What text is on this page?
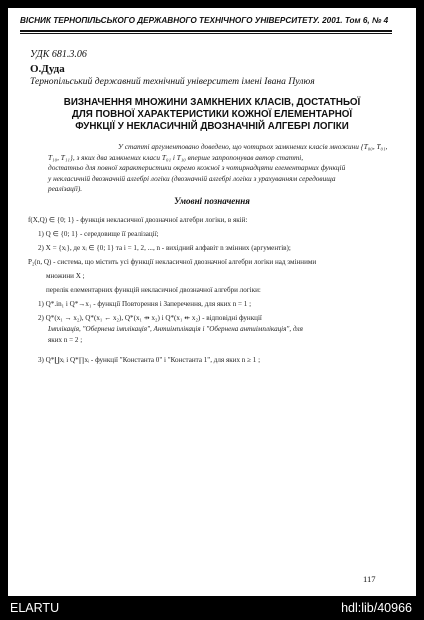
ВІСНИК ТЕРНОПІЛЬСЬКОГО ДЕРЖАВНОГО ТЕХНІЧНОГО УНІВЕРСИТЕТУ. 2001. Том 6, № 4
УДК 681.3.06
О.Дуда
Тернопільський державний технічний університет імені Івана Пулюя
ВИЗНАЧЕННЯ МНОЖИНИ ЗАМКНЕНИХ КЛАСІВ, ДОСТАТНЬОЇ
ДЛЯ ПОВНОЇ ХАРАКТЕРИСТИКИ КОЖНОЇ ЕЛЕМЕНТАРНОЇ
ФУНКЦІЇ У НЕКЛАСИЧНІЙ ДВОЗНАЧНІЙ АЛГЕБРІ ЛОГІКИ
У статті аргументовано доведено, що чотирьох замкнених класів множини {T₀₀, T₀₁,
T₁₀, T₁₁}, з яких два замкнених класи T₀₁ і T₁₀ вперше запропонував автор статті,
достатньо для повної характеристики окремо кожної з чотирнадцяти елементарних функцій
у некласичній двозначній алгебрі логіки (двозначній алгебрі логіки з урахуванням середовища
реалізації).
Умовні позначення
f(X,Q) ∈ {0; 1} - функція некласичної двозначної алгебри логіки, в якій:
1) Q ∈ {0; 1} - середовище її реалізації;
2) X = {xᵢ}, де xᵢ ∈ {0; 1} та i = 1, 2, ..., n - вихідний алфавіт n змінних (аргументів);
P₂(n, Q) - система, що містить усі функції некласичної двозначної алгебри логіки над змінними
множини X ;
перелік елементарних функцій некласичної двозначної алгебри логіки:
1) Q*.in₁ і Q*→x₁ - функції Повторення і Заперечення, для яких n = 1 ;
2) Q*(x₁ → x₂), Q*(x₁ ← x₂), Q*(x₁ ⇸ x₂) і Q*(x₁ ⇷ x₂) - відповідні функції
Імплікація, "Обернена імплікація", Антиімплікація і "Обернена антиімплікація", для
яких n = 2 ;
3) Q*∐xᵢ і Q*∏xᵢ - функції "Константа 0" і "Константа 1", для яких n ≥ 1 ;
117
ELARTU	hdl:lib/40966
